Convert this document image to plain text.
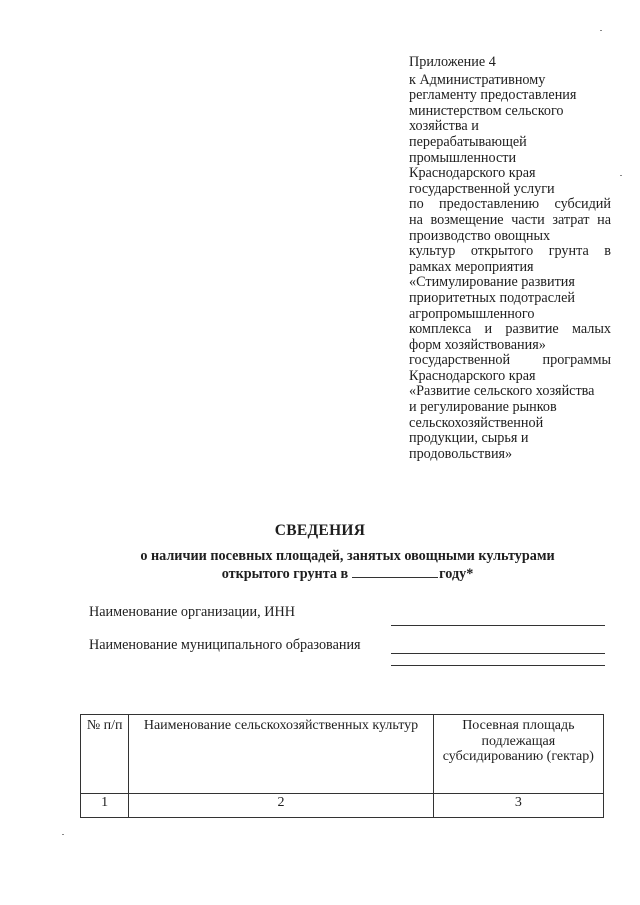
Приложение 4
к Административному
регламенту предоставления
министерством сельского
хозяйства и
перерабатывающей
промышленности
Краснодарского края
государственной услуги
по предоставлению субсидий
на возмещение части затрат на
производство овощных
культур открытого грунта в
рамках мероприятия
«Стимулирование развития
приоритетных подотраслей
агропромышленного
комплекса и развитие малых
форм хозяйствования»
государственной программы
Краснодарского края
«Развитие сельского хозяйства
и регулирование рынков
сельскохозяйственной
продукции, сырья и
продовольствия»
СВЕДЕНИЯ
о наличии посевных площадей, занятых овощными культурами
открытого грунта в	году*
Наименование организации, ИНН
Наименование муниципального образования
№ п/п	Наименование сельскохозяйственных культур	Посевная площадь подлежащая субсидированию (гектар)
1	2	3
